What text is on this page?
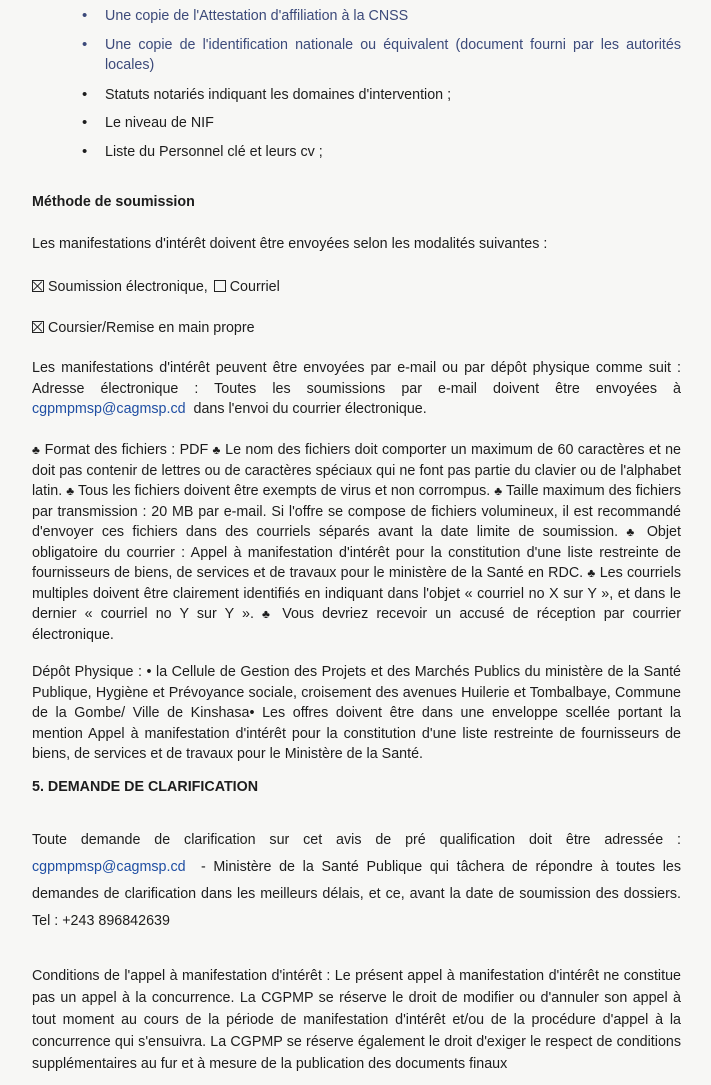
• Une copie de l'Attestation d'affiliation à la CNSS
• Une copie de l'identification nationale ou équivalent (document fourni par les autorités locales)
• Statuts notariés indiquant les domaines d'intervention ;
• Le niveau de NIF
• Liste du Personnel clé et leurs cv ;

Méthode de soumission

Les manifestations d'intérêt doivent être envoyées selon les modalités suivantes :

Soumission électronique, Courriel
Coursier/Remise en main propre

Les manifestations d'intérêt peuvent être envoyées par e-mail ou par dépôt physique comme suit : Adresse électronique : Toutes les soumissions par e-mail doivent être envoyées à cgpmpmsp@cagmsp.cd dans l'envoi du courrier électronique.

♣ Format des fichiers : PDF ♣ Le nom des fichiers doit comporter un maximum de 60 caractères et ne doit pas contenir de lettres ou de caractères spéciaux qui ne font pas partie du clavier ou de l'alphabet latin. ♣ Tous les fichiers doivent être exempts de virus et non corrompus. ♣ Taille maximum des fichiers par transmission : 20 MB par e-mail. Si l'offre se compose de fichiers volumineux, il est recommandé d'envoyer ces fichiers dans des courriels séparés avant la date limite de soumission. ♣ Objet obligatoire du courrier : Appel à manifestation d'intérêt pour la constitution d'une liste restreinte de fournisseurs de biens, de services et de travaux pour le ministère de la Santé en RDC. ♣ Les courriels multiples doivent être clairement identifiés en indiquant dans l'objet « courriel no X sur Y », et dans le dernier « courriel no Y sur Y ». ♣ Vous devriez recevoir un accusé de réception par courrier électronique.

Dépôt Physique : • la Cellule de Gestion des Projets et des Marchés Publics du ministère de la Santé Publique, Hygiène et Prévoyance sociale, croisement des avenues Huilerie et Tombalbaye, Commune de la Gombe/ Ville de Kinshasa• Les offres doivent être dans une enveloppe scellée portant la mention Appel à manifestation d'intérêt pour la constitution d'une liste restreinte de fournisseurs de biens, de services et de travaux pour le Ministère de la Santé.

5. DEMANDE DE CLARIFICATION

Toute demande de clarification sur cet avis de pré qualification doit être adressée : cgpmpmsp@cagmsp.cd - Ministère de la Santé Publique qui tâchera de répondre à toutes les demandes de clarification dans les meilleurs délais, et ce, avant la date de soumission des dossiers. Tel : +243 896842639

Conditions de l'appel à manifestation d'intérêt : Le présent appel à manifestation d'intérêt ne constitue pas un appel à la concurrence. La CGPMP se réserve le droit de modifier ou d'annuler son appel à tout moment au cours de la période de manifestation d'intérêt et/ou de la procédure d'appel à la concurrence qui s'ensuivra. La CGPMP se réserve également le droit d'exiger le respect de conditions supplémentaires au fur et à mesure de la publication des documents finaux
